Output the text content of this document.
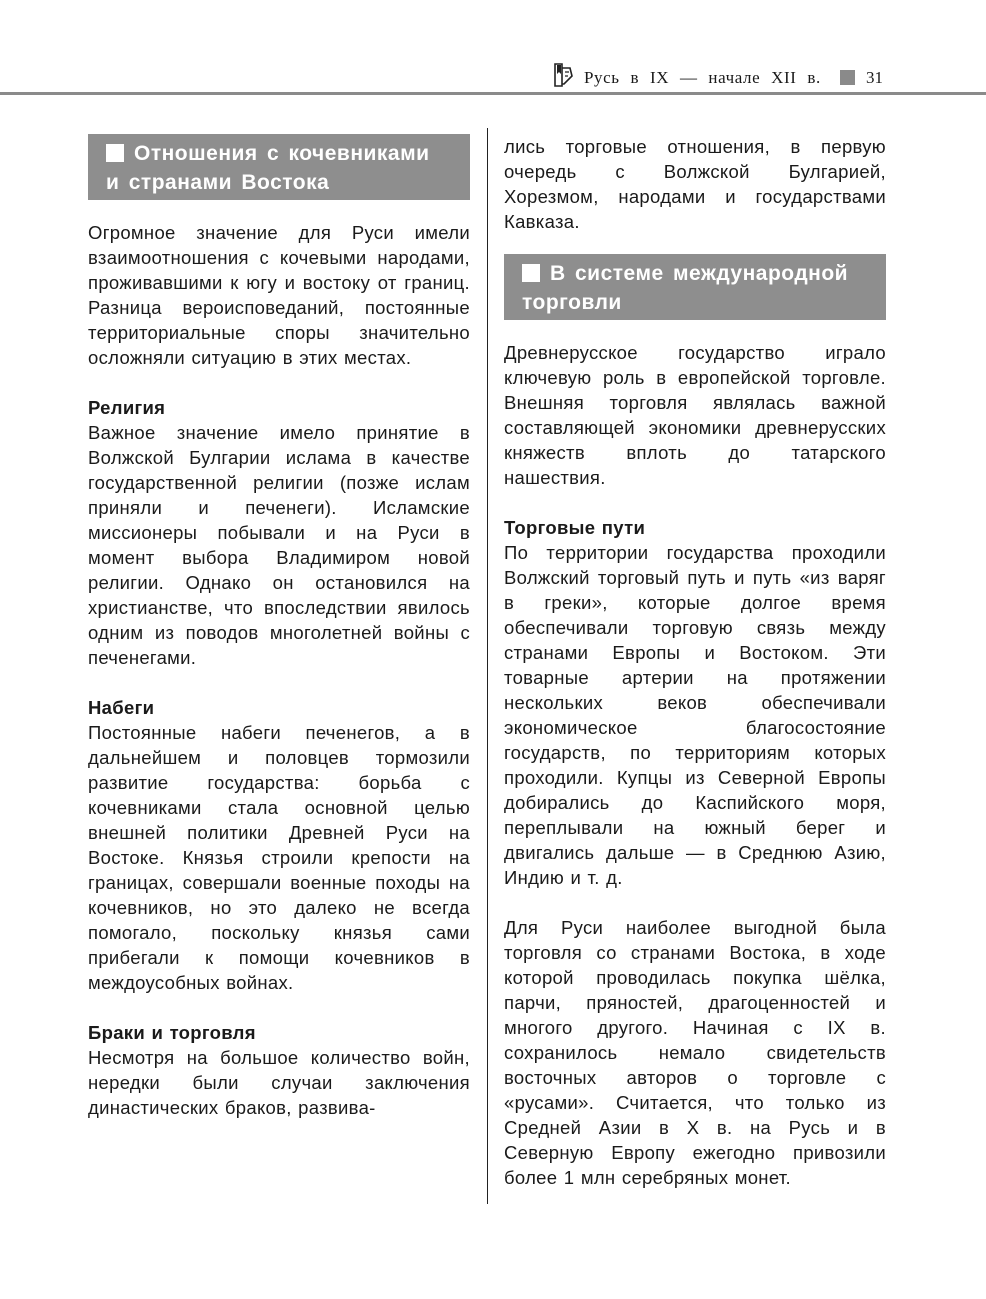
Русь в IX — начале XII в.	31
Отношения с кочевниками и странами Востока

Огромное значение для Руси имели взаимоотношения с кочевыми народами, проживавшими к югу и востоку от границ. Разница вероисповеданий, постоянные территориальные споры значительно осложняли ситуацию в этих местах.

Религия

Важное значение имело принятие в Волжской Булгарии ислама в качестве государственной религии (позже ислам приняли и печенеги). Исламские миссионеры побывали и на Руси в момент выбора Владимиром новой религии. Однако он остановился на христианстве, что впоследствии явилось одним из поводов многолетней войны с печенегами.

Набеги

Постоянные набеги печенегов, а в дальнейшем и половцев тормозили развитие государства: борьба с кочевниками стала основной целью внешней политики Древней Руси на Востоке. Князья строили крепости на границах, совершали военные походы на кочевников, но это далеко не всегда помогало, поскольку князья сами прибегали к помощи кочевников в междоусобных войнах.

Браки и торговля

Несмотря на большое количество войн, нередки были случаи заключения династических браков, развива-

лись торговые отношения, в первую очередь с Волжской Булгарией, Хорезмом, народами и государствами Кавказа.

В системе международной торговли

Древнерусское государство играло ключевую роль в европейской торговле. Внешняя торговля являлась важной составляющей экономики древнерусских княжеств вплоть до татарского нашествия.

Торговые пути

По территории государства проходили Волжский торговый путь и путь «из варяг в греки», которые долгое время обеспечивали торговую связь между странами Европы и Востоком. Эти товарные артерии на протяжении нескольких веков обеспечивали экономическое благосостояние государств, по территориям которых проходили. Купцы из Северной Европы добирались до Каспийского моря, переплывали на южный берег и двигались дальше — в Среднюю Азию, Индию и т. д.

Для Руси наиболее выгодной была торговля со странами Востока, в ходе которой проводилась покупка шёлка, парчи, пряностей, драгоценностей и многого другого. Начиная с IX в. сохранилось немало свидетельств восточных авторов о торговле с «русами». Считается, что только из Средней Азии в X в. на Русь и в Северную Европу ежегодно привозили более 1 млн серебряных монет.
